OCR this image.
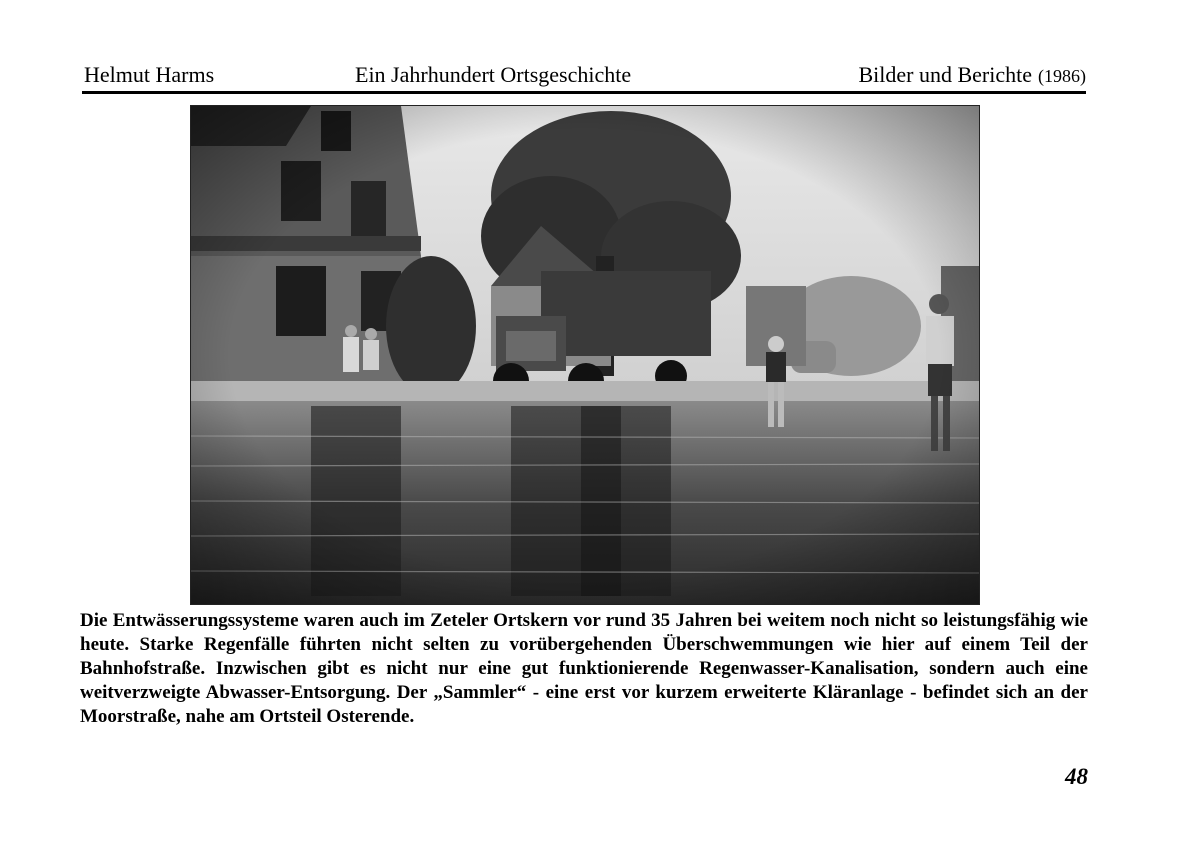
Helmut Harms	Ein Jahrhundert Ortsgeschichte	Bilder und Berichte (1986)

Die Entwässerungssysteme waren auch im Zeteler Ortskern vor rund 35 Jahren bei weitem noch nicht so leistungsfähig wie heute. Starke Regenfälle führten nicht selten zu vorübergehenden Überschwemmungen wie hier auf einem Teil der Bahnhofstraße. Inzwischen gibt es nicht nur eine gut funktionierende Regenwasser-Kanalisation, sondern auch eine weitverzweigte Abwasser-Entsorgung. Der „Sammler“ - eine erst vor kurzem erweiterte Kläranlage - befindet sich an der Moorstraße, nahe am Ortsteil Osterende.

48
